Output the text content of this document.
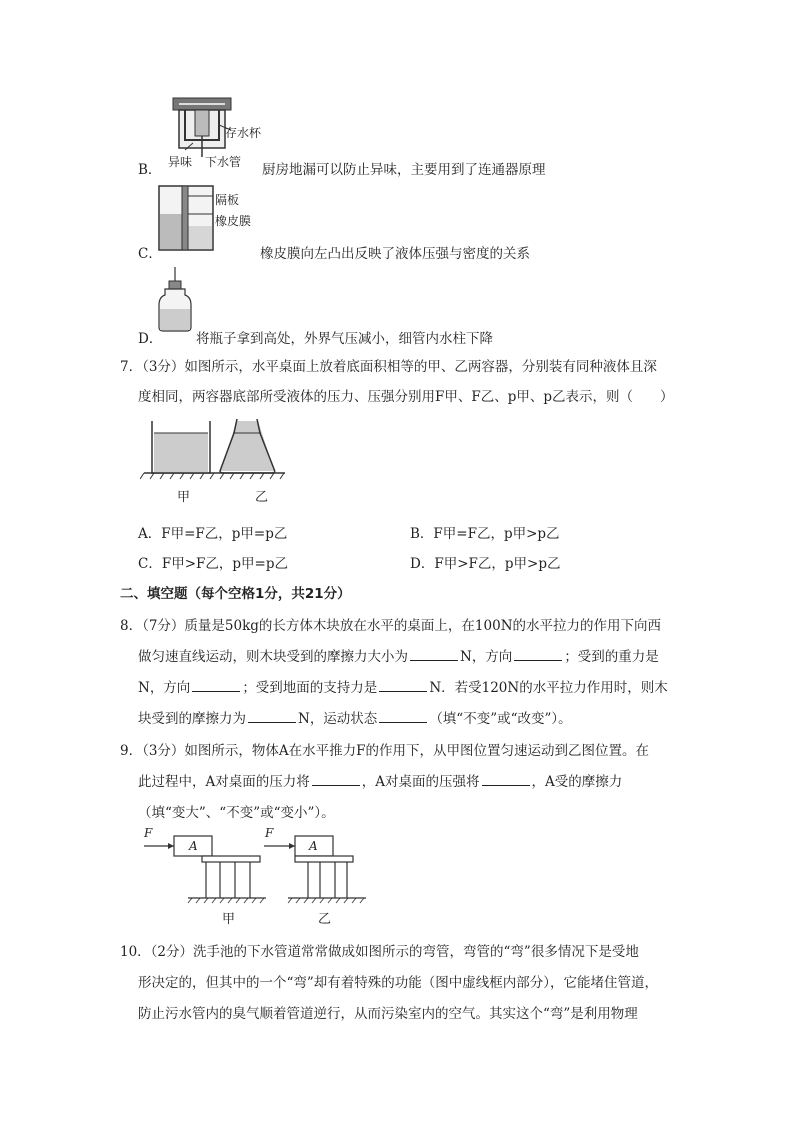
存水杯
异味 下水管
B．	厨房地漏可以防止异味，主要用到了连通器原理
隔板
橡皮膜
C．	橡皮膜向左凸出反映了液体压强与密度的关系
D． 将瓶子拿到高处，外界气压减小，细管内水柱下降
7．（3分）如图所示，水平桌面上放着底面积相等的甲、乙两容器，分别装有同种液体且深
度相同，两容器底部所受液体的压力、压强分别用F甲、F乙、p甲、p乙表示，则（　　）
甲	乙
A．F甲=F乙，p甲=p乙	B．F甲=F乙，p甲>p乙
C．F甲>F乙，p甲=p乙	D．F甲>F乙，p甲>p乙
二、填空题（每个空格1分，共21分）
8．（7分）质量是50kg的长方体木块放在水平的桌面上，在100N的水平拉力的作用下向西
做匀速直线运动，则木块受到的摩擦力大小为	N，方向	；受到的重力是
N，方向	；受到地面的支持力是	N．若受120N的水平拉力作用时，则木
块受到的摩擦力为	N，运动状态	（填“不变”或“改变”）。
9．（3分）如图所示，物体A在水平推力F的作用下，从甲图位置匀速运动到乙图位置。在
此过程中，A对桌面的压力将	，A对桌面的压强将	，A受的摩擦力
（填“变大”、“不变”或“变小”）。
F
A
F
A
甲	乙
10．（2分）洗手池的下水管道常常做成如图所示的弯管，弯管的“弯”很多情况下是受地
形决定的，但其中的一个“弯”却有着特殊的功能（图中虚线框内部分），它能堵住管道，
防止污水管内的臭气顺着管道逆行，从而污染室内的空气。其实这个“弯”是利用物理
